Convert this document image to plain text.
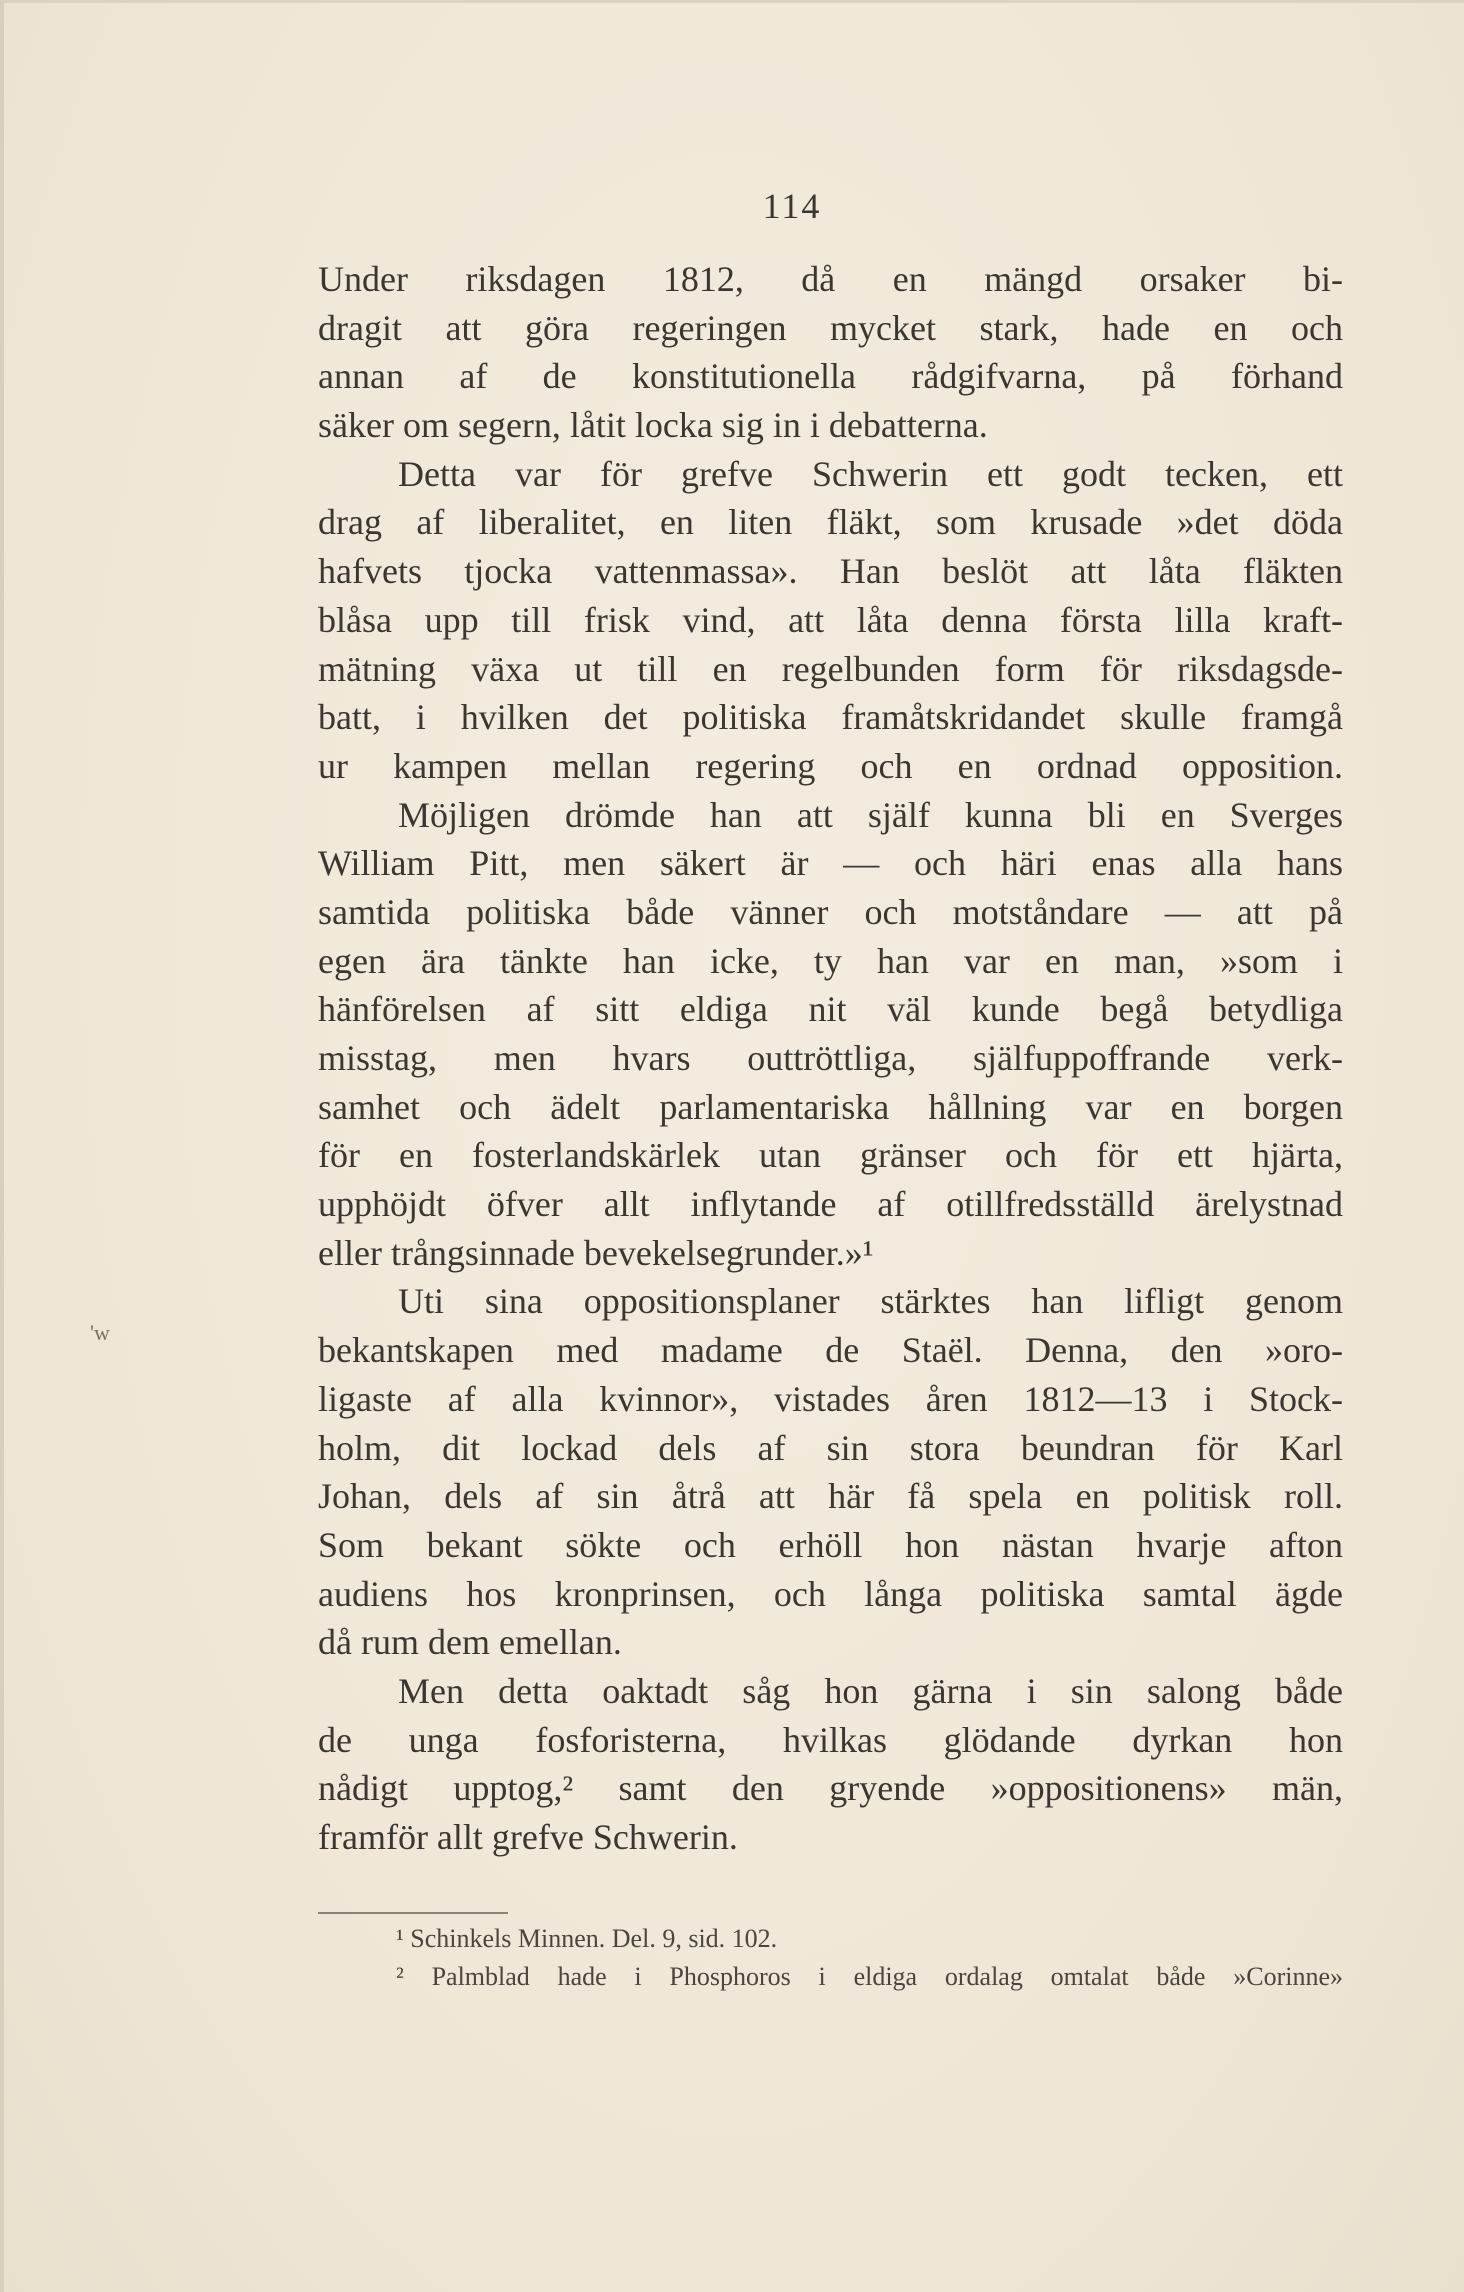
114
Under riksdagen 1812, då en mängd orsaker bi-
dragit att göra regeringen mycket stark, hade en och
annan af de konstitutionella rådgifvarna, på förhand
säker om segern, låtit locka sig in i debatterna.
Detta var för grefve Schwerin ett godt tecken, ett
drag af liberalitet, en liten fläkt, som krusade »det döda
hafvets tjocka vattenmassa». Han beslöt att låta fläkten
blåsa upp till frisk vind, att låta denna första lilla kraft-
mätning växa ut till en regelbunden form för riksdagsde-
batt, i hvilken det politiska framåtskridandet skulle framgå
ur kampen mellan regering och en ordnad opposition.
Möjligen drömde han att själf kunna bli en Sverges
William Pitt, men säkert är — och häri enas alla hans
samtida politiska både vänner och motståndare — att på
egen ära tänkte han icke, ty han var en man, »som i
hänförelsen af sitt eldiga nit väl kunde begå betydliga
misstag, men hvars outtröttliga, själfuppoffrande verk-
samhet och ädelt parlamentariska hållning var en borgen
för en fosterlandskärlek utan gränser och för ett hjärta,
upphöjdt öfver allt inflytande af otillfredsställd ärelystnad
eller trångsinnade bevekelsegrunder.»¹
Uti sina oppositionsplaner stärktes han lifligt genom
bekantskapen med madame de Staël. Denna, den »oro-
ligaste af alla kvinnor», vistades åren 1812—13 i Stock-
holm, dit lockad dels af sin stora beundran för Karl
Johan, dels af sin åtrå att här få spela en politisk roll.
Som bekant sökte och erhöll hon nästan hvarje afton
audiens hos kronprinsen, och långa politiska samtal ägde
då rum dem emellan.
Men detta oaktadt såg hon gärna i sin salong både
de unga fosforisterna, hvilkas glödande dyrkan hon
nådigt upptog,² samt den gryende »oppositionens» män,
framför allt grefve Schwerin.
¹ Schinkels Minnen. Del. 9, sid. 102.
² Palmblad hade i Phosphoros i eldiga ordalag omtalat både »Corinne»
'w
